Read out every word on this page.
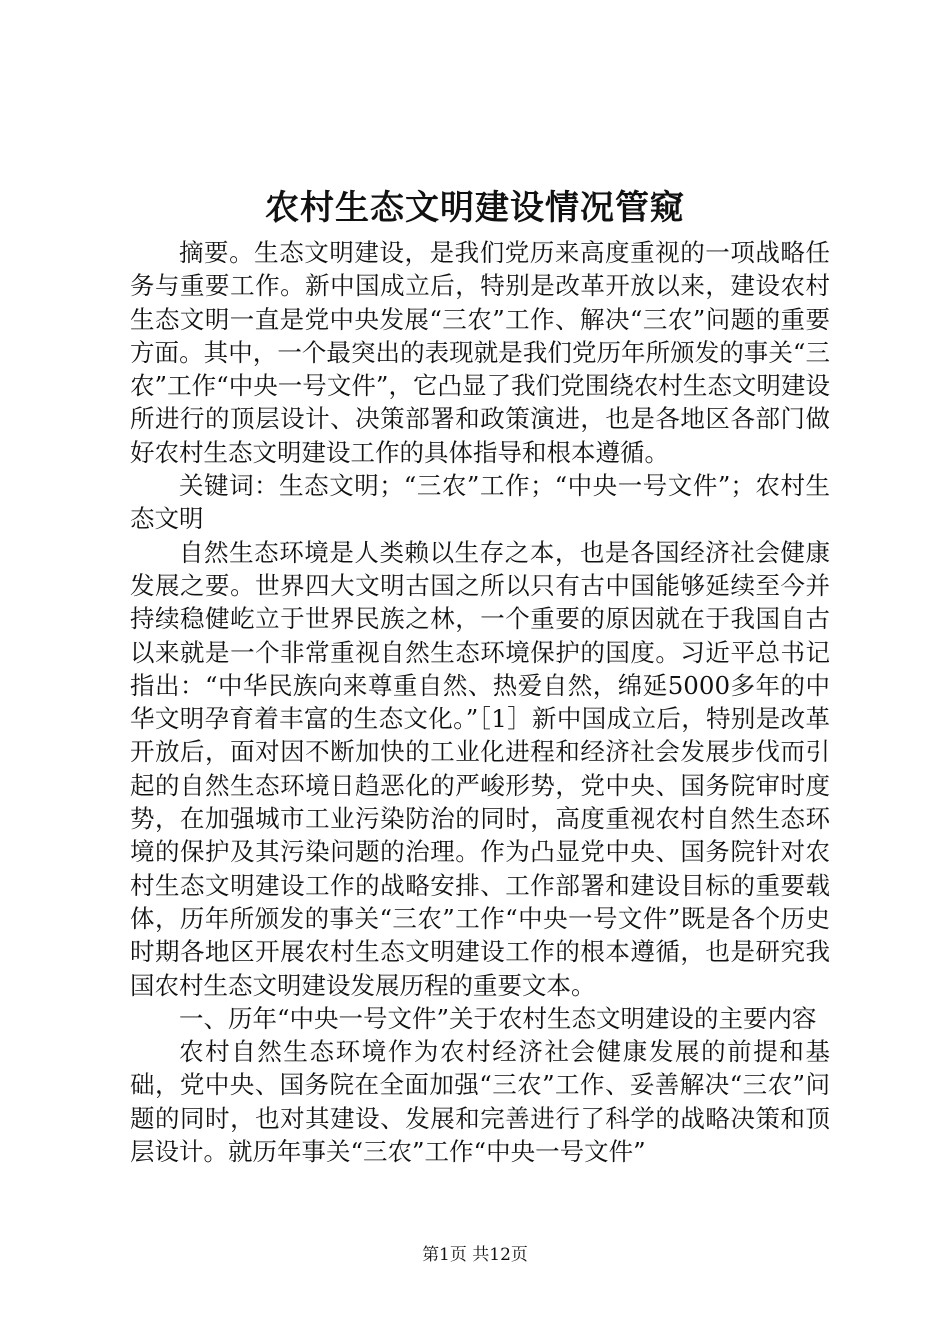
农村生态文明建设情况管窥

摘要。生态文明建设，是我们党历来高度重视的一项战略任务与重要工作。新中国成立后，特别是改革开放以来，建设农村生态文明一直是党中央发展“三农”工作、解决“三农”问题的重要方面。其中，一个最突出的表现就是我们党历年所颁发的事关“三农”工作“中央一号文件”，它凸显了我们党围绕农村生态文明建设所进行的顶层设计、决策部署和政策演进，也是各地区各部门做好农村生态文明建设工作的具体指导和根本遵循。

关键词：生态文明；“三农”工作；“中央一号文件”；农村生态文明

自然生态环境是人类赖以生存之本，也是各国经济社会健康发展之要。世界四大文明古国之所以只有古中国能够延续至今并持续稳健屹立于世界民族之林，一个重要的原因就在于我国自古以来就是一个非常重视自然生态环境保护的国度。习近平总书记指出：“中华民族向来尊重自然、热爱自然，绵延5000多年的中华文明孕育着丰富的生态文化。”［1］新中国成立后，特别是改革开放后，面对因不断加快的工业化进程和经济社会发展步伐而引起的自然生态环境日趋恶化的严峻形势，党中央、国务院审时度势，在加强城市工业污染防治的同时，高度重视农村自然生态环境的保护及其污染问题的治理。作为凸显党中央、国务院针对农村生态文明建设工作的战略安排、工作部署和建设目标的重要载体，历年所颁发的事关“三农”工作“中央一号文件”既是各个历史时期各地区开展农村生态文明建设工作的根本遵循，也是研究我国农村生态文明建设发展历程的重要文本。

一、历年“中央一号文件”关于农村生态文明建设的主要内容

农村自然生态环境作为农村经济社会健康发展的前提和基础，党中央、国务院在全面加强“三农”工作、妥善解决“三农”问题的同时，也对其建设、发展和完善进行了科学的战略决策和顶层设计。就历年事关“三农”工作“中央一号文件”

第1页 共12页
